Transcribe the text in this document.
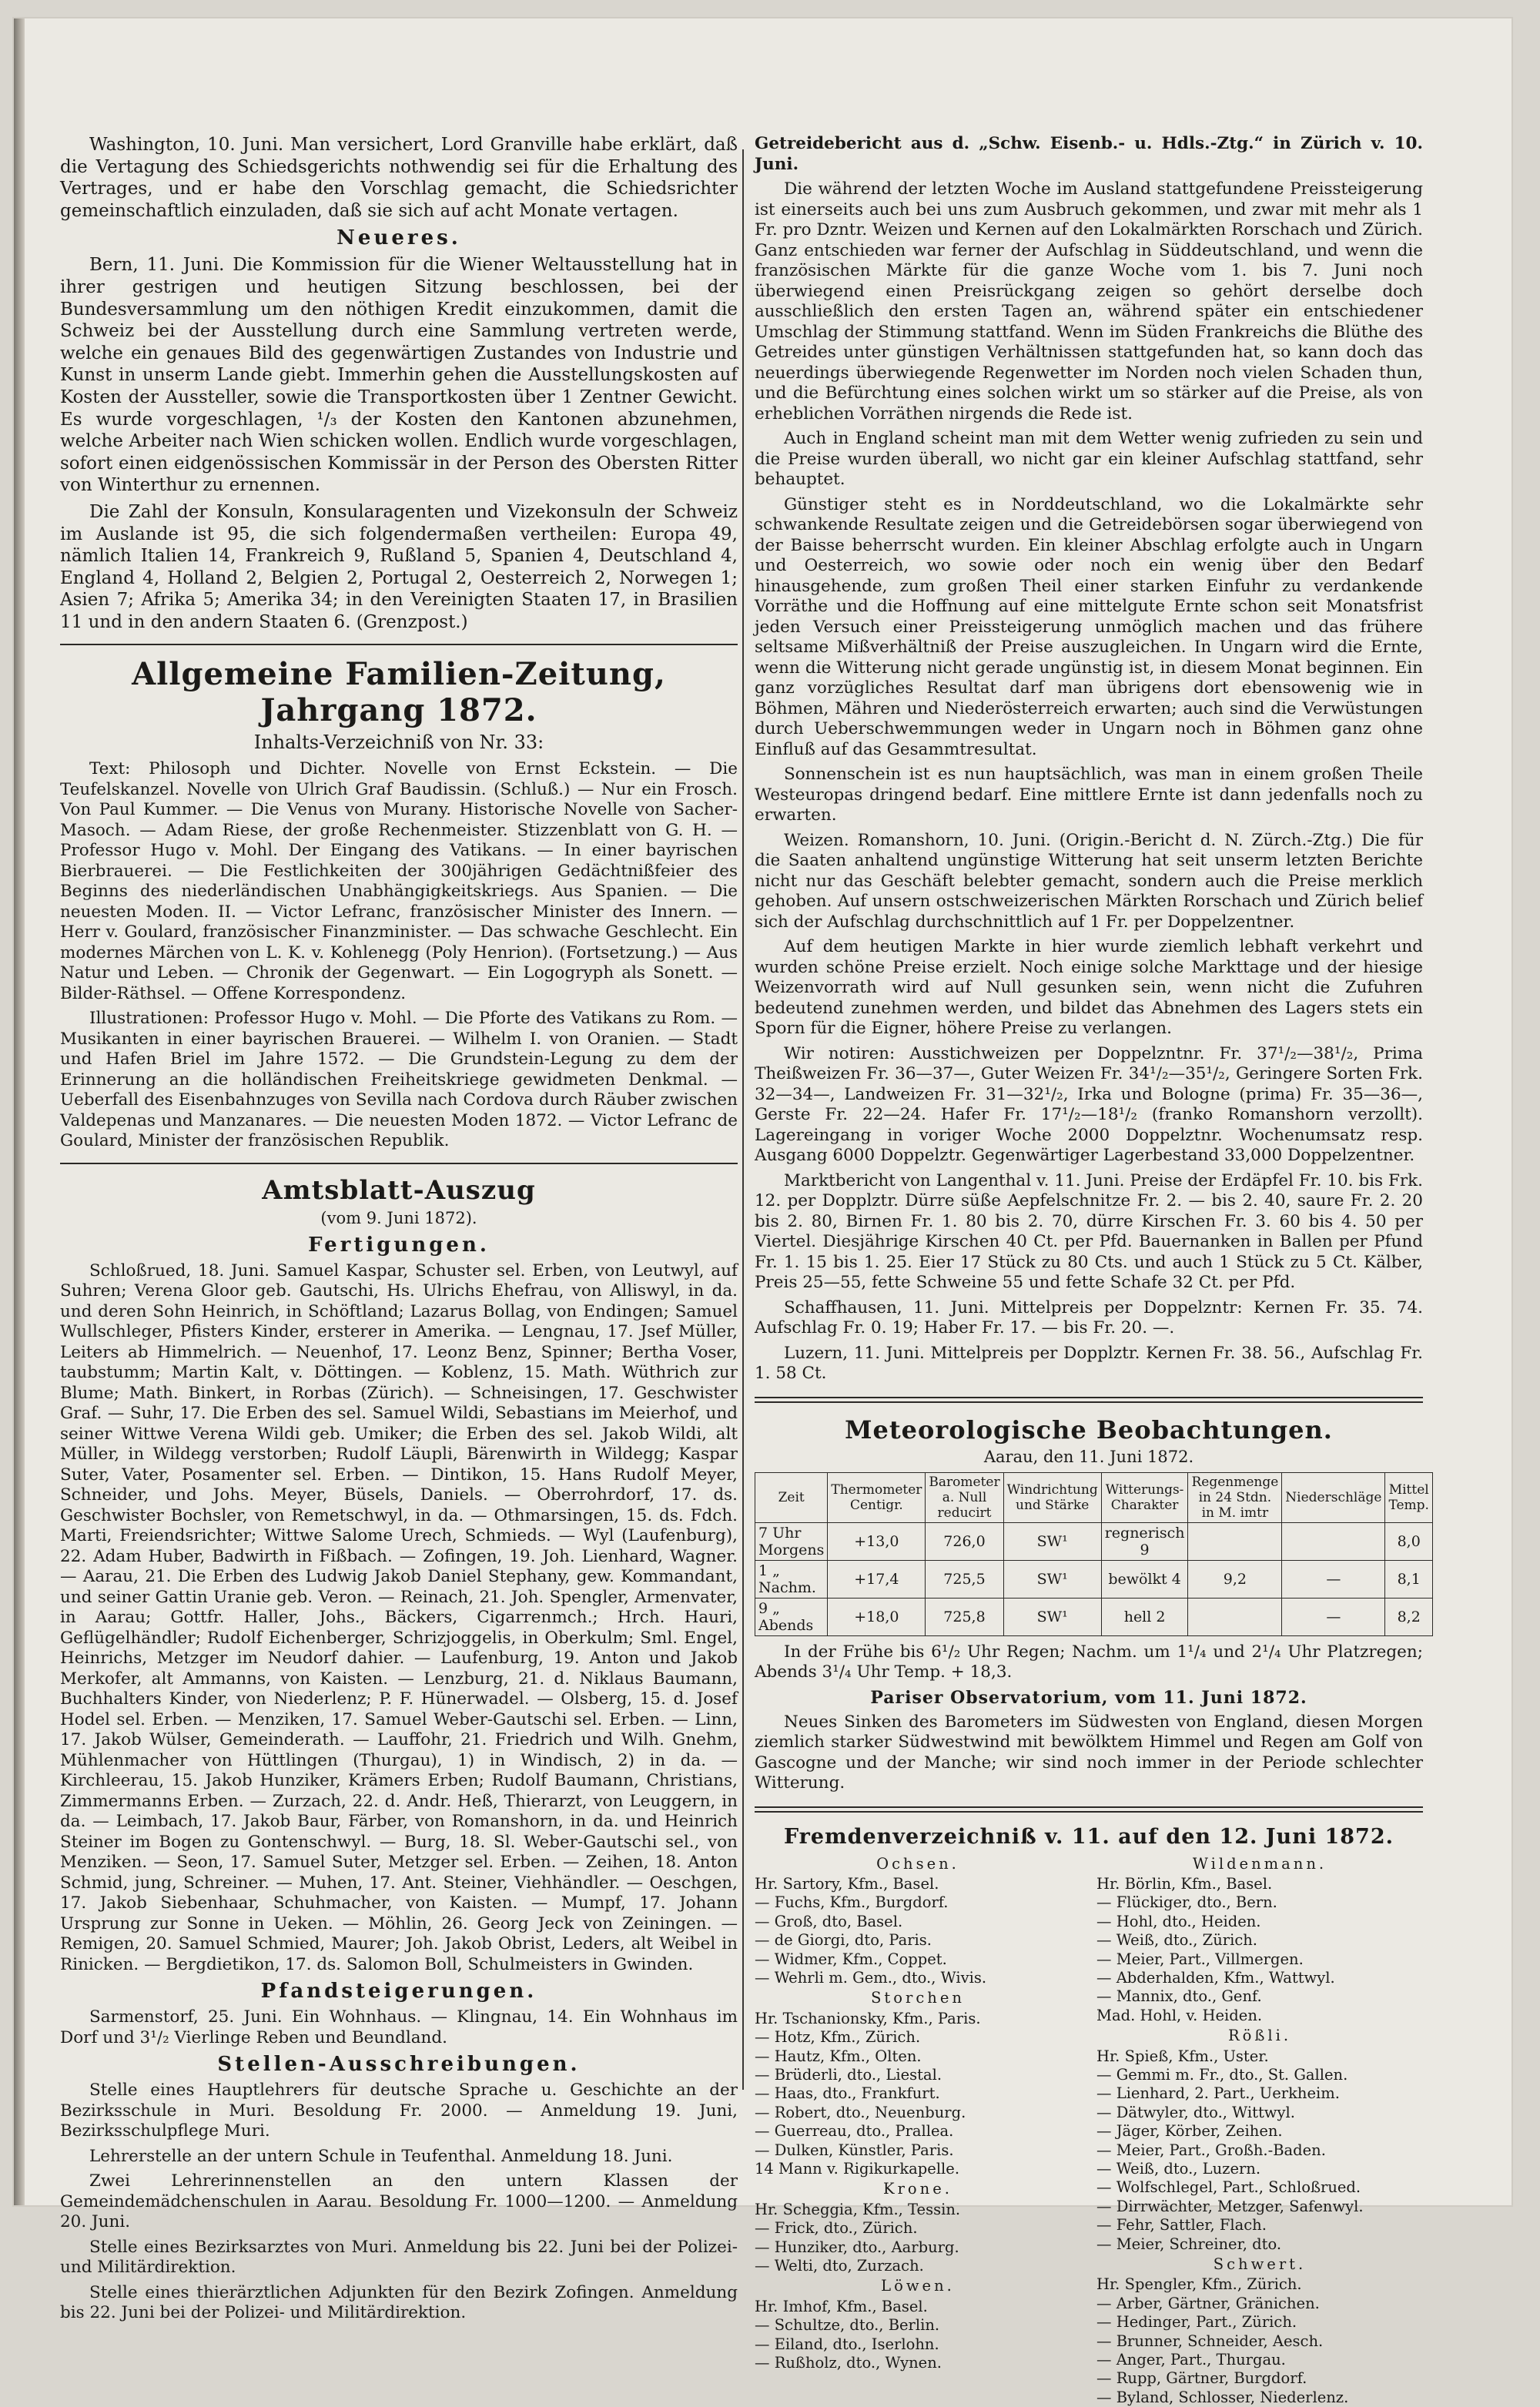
Washington, 10. Juni. Man versichert, Lord Granville habe erklärt, daß die Vertagung des Schiedsgerichts nothwendig sei für die Erhaltung des Vertrages, und er habe den Vorschlag gemacht, die Schiedsrichter gemeinschaftlich einzuladen, daß sie sich auf acht Monate vertagen.

Neueres.

Bern, 11. Juni. Die Kommission für die Wiener Weltausstellung hat in ihrer gestrigen und heutigen Sitzung beschlossen, bei der Bundesversammlung um den nöthigen Kredit einzukommen, damit die Schweiz bei der Ausstellung durch eine Sammlung vertreten werde, welche ein genaues Bild des gegenwärtigen Zustandes von Industrie und Kunst in unserm Lande giebt. Immerhin gehen die Ausstellungskosten auf Kosten der Aussteller, sowie die Transportkosten über 1 Zentner Gewicht. Es wurde vorgeschlagen, ¹/₃ der Kosten den Kantonen abzunehmen, welche Arbeiter nach Wien schicken wollen. Endlich wurde vorgeschlagen, sofort einen eidgenössischen Kommissär in der Person des Obersten Ritter von Winterthur zu ernennen.

Die Zahl der Konsuln, Konsularagenten und Vizekonsuln der Schweiz im Auslande ist 95, die sich folgendermaßen vertheilen: Europa 49, nämlich Italien 14, Frankreich 9, Rußland 5, Spanien 4, Deutschland 4, England 4, Holland 2, Belgien 2, Portugal 2, Oesterreich 2, Norwegen 1; Asien 7; Afrika 5; Amerika 34; in den Vereinigten Staaten 17, in Brasilien 11 und in den andern Staaten 6. (Grenzpost.)

Allgemeine Familien-Zeitung, Jahrgang 1872.
Inhalts-Verzeichniß von Nr. 33:

Text: Philosoph und Dichter. Novelle von Ernst Eckstein. — Die Teufelskanzel. Novelle von Ulrich Graf Baudissin. (Schluß.) — Nur ein Frosch. Von Paul Kummer. — Die Venus von Murany. Historische Novelle von Sacher-Masoch. — Adam Riese, der große Rechenmeister. Stizzenblatt von G. H. — Professor Hugo v. Mohl. Der Eingang des Vatikans. — In einer bayrischen Bierbrauerei. — Die Festlichkeiten der 300jährigen Gedächtnißfeier des Beginns des niederländischen Unabhängigkeitskriegs. Aus Spanien. — Die neuesten Moden. II. — Victor Lefranc, französischer Minister des Innern. — Herr v. Goulard, französischer Finanzminister. — Das schwache Geschlecht. Ein modernes Märchen von L. K. v. Kohlenegg (Poly Henrion). (Fortsetzung.) — Aus Natur und Leben. — Chronik der Gegenwart. — Ein Logogryph als Sonett. — Bilder-Räthsel. — Offene Korrespondenz.

Illustrationen: Professor Hugo v. Mohl. — Die Pforte des Vatikans zu Rom. — Musikanten in einer bayrischen Brauerei. — Wilhelm I. von Oranien. — Stadt und Hafen Briel im Jahre 1572. — Die Grundstein-Legung zu dem der Erinnerung an die holländischen Freiheitskriege gewidmeten Denkmal. — Ueberfall des Eisenbahnzuges von Sevilla nach Cordova durch Räuber zwischen Valdepenas und Manzanares. — Die neuesten Moden 1872. — Victor Lefranc de Goulard, Minister der französischen Republik.

Amtsblatt-Auszug
(vom 9. Juni 1872).
Fertigungen.

Schloßrued, 18. Juni. Samuel Kaspar, Schuster sel. Erben, von Leutwyl, auf Suhren; Verena Gloor geb. Gautschi, Hs. Ulrichs Ehefrau, von Alliswyl, in da. und deren Sohn Heinrich, in Schöftland; Lazarus Bollag, von Endingen; Samuel Wullschleger, Pfisters Kinder, ersterer in Amerika. — Lengnau, 17. Jsef Müller, Leiters ab Himmelrich. — Neuenhof, 17. Leonz Benz, Spinner; Bertha Voser, taubstumm; Martin Kalt, v. Döttingen. — Koblenz, 15. Math. Wüthrich zur Blume; Math. Binkert, in Rorbas (Zürich). — Schneisingen, 17. Geschwister Graf. — Suhr, 17. Die Erben des sel. Samuel Wildi, Sebastians im Meierhof, und seiner Wittwe Verena Wildi geb. Umiker; die Erben des sel. Jakob Wildi, alt Müller, in Wildegg verstorben; Rudolf Läupli, Bärenwirth in Wildegg; Kaspar Suter, Vater, Posamenter sel. Erben. — Dintikon, 15. Hans Rudolf Meyer, Schneider, und Johs. Meyer, Büsels, Daniels. — Oberrohrdorf, 17. ds. Geschwister Bochsler, von Remetschwyl, in da. — Othmarsingen, 15. ds. Fdch. Marti, Freiendsrichter; Wittwe Salome Urech, Schmieds. — Wyl (Laufenburg), 22. Adam Huber, Badwirth in Fißbach. — Zofingen, 19. Joh. Lienhard, Wagner. — Aarau, 21. Die Erben des Ludwig Jakob Daniel Stephany, gew. Kommandant, und seiner Gattin Uranie geb. Veron. — Reinach, 21. Joh. Spengler, Armenvater, in Aarau; Gottfr. Haller, Johs., Bäckers, Cigarrenmch.; Hrch. Hauri, Geflügelhändler; Rudolf Eichenberger, Schrizjoggelis, in Oberkulm; Sml. Engel, Heinrichs, Metzger im Neudorf dahier. — Laufenburg, 19. Anton und Jakob Merkofer, alt Ammanns, von Kaisten. — Lenzburg, 21. d. Niklaus Baumann, Buchhalters Kinder, von Niederlenz; P. F. Hünerwadel. — Olsberg, 15. d. Josef Hodel sel. Erben. — Menziken, 17. Samuel Weber-Gautschi sel. Erben. — Linn, 17. Jakob Wülser, Gemeinderath. — Lauffohr, 21. Friedrich und Wilh. Gnehm, Mühlenmacher von Hüttlingen (Thurgau), 1) in Windisch, 2) in da. — Kirchleerau, 15. Jakob Hunziker, Krämers Erben; Rudolf Baumann, Christians, Zimmermanns Erben. — Zurzach, 22. d. Andr. Heß, Thierarzt, von Leuggern, in da. — Leimbach, 17. Jakob Baur, Färber, von Romanshorn, in da. und Heinrich Steiner im Bogen zu Gontenschwyl. — Burg, 18. Sl. Weber-Gautschi sel., von Menziken. — Seon, 17. Samuel Suter, Metzger sel. Erben. — Zeihen, 18. Anton Schmid, jung, Schreiner. — Muhen, 17. Ant. Steiner, Viehhändler. — Oeschgen, 17. Jakob Siebenhaar, Schuhmacher, von Kaisten. — Mumpf, 17. Johann Ursprung zur Sonne in Ueken. — Möhlin, 26. Georg Jeck von Zeiningen. — Remigen, 20. Samuel Schmied, Maurer; Joh. Jakob Obrist, Leders, alt Weibel in Rinicken. — Bergdietikon, 17. ds. Salomon Boll, Schulmeisters in Gwinden.

Pfandsteigerungen.

Sarmenstorf, 25. Juni. Ein Wohnhaus. — Klingnau, 14. Ein Wohnhaus im Dorf und 3¹/₂ Vierlinge Reben und Beundland.

Stellen-Ausschreibungen.

Stelle eines Hauptlehrers für deutsche Sprache u. Geschichte an der Bezirksschule in Muri. Besoldung Fr. 2000. — Anmeldung 19. Juni, Bezirksschulpflege Muri.

Lehrerstelle an der untern Schule in Teufenthal. Anmeldung 18. Juni.

Zwei Lehrerinnenstellen an den untern Klassen der Gemeindemädchenschulen in Aarau. Besoldung Fr. 1000—1200. — Anmeldung 20. Juni.

Stelle eines Bezirksarztes von Muri. Anmeldung bis 22. Juni bei der Polizei- und Militärdirektion.

Stelle eines thierärztlichen Adjunkten für den Bezirk Zofingen. Anmeldung bis 22. Juni bei der Polizei- und Militärdirektion.

Getreidebericht aus d. „Schw. Eisenb.- u. Hdls.-Ztg.“ in Zürich v. 10. Juni.

Die während der letzten Woche im Ausland stattgefundene Preissteigerung ist einerseits auch bei uns zum Ausbruch gekommen, und zwar mit mehr als 1 Fr. pro Dzntr. Weizen und Kernen auf den Lokalmärkten Rorschach und Zürich. Ganz entschieden war ferner der Aufschlag in Süddeutschland, und wenn die französischen Märkte für die ganze Woche vom 1. bis 7. Juni noch überwiegend einen Preisrückgang zeigen so gehört derselbe doch ausschließlich den ersten Tagen an, während später ein entschiedener Umschlag der Stimmung stattfand. Wenn im Süden Frankreichs die Blüthe des Getreides unter günstigen Verhältnissen stattgefunden hat, so kann doch das neuerdings überwiegende Regenwetter im Norden noch vielen Schaden thun, und die Befürchtung eines solchen wirkt um so stärker auf die Preise, als von erheblichen Vorräthen nirgends die Rede ist.

Auch in England scheint man mit dem Wetter wenig zufrieden zu sein und die Preise wurden überall, wo nicht gar ein kleiner Aufschlag stattfand, sehr behauptet.

Günstiger steht es in Norddeutschland, wo die Lokalmärkte sehr schwankende Resultate zeigen und die Getreidebörsen sogar überwiegend von der Baisse beherrscht wurden. Ein kleiner Abschlag erfolgte auch in Ungarn und Oesterreich, wo sowie oder noch ein wenig über den Bedarf hinausgehende, zum großen Theil einer starken Einfuhr zu verdankende Vorräthe und die Hoffnung auf eine mittelgute Ernte schon seit Monatsfrist jeden Versuch einer Preissteigerung unmöglich machen und das frühere seltsame Mißverhältniß der Preise auszugleichen. In Ungarn wird die Ernte, wenn die Witterung nicht gerade ungünstig ist, in diesem Monat beginnen. Ein ganz vorzügliches Resultat darf man übrigens dort ebensowenig wie in Böhmen, Mähren und Niederösterreich erwarten; auch sind die Verwüstungen durch Ueberschwemmungen weder in Ungarn noch in Böhmen ganz ohne Einfluß auf das Gesammtresultat.

Sonnenschein ist es nun hauptsächlich, was man in einem großen Theile Westeuropas dringend bedarf. Eine mittlere Ernte ist dann jedenfalls noch zu erwarten.

Weizen. Romanshorn, 10. Juni. (Origin.-Bericht d. N. Zürch.-Ztg.) Die für die Saaten anhaltend ungünstige Witterung hat seit unserm letzten Berichte nicht nur das Geschäft belebter gemacht, sondern auch die Preise merklich gehoben. Auf unsern ostschweizerischen Märkten Rorschach und Zürich belief sich der Aufschlag durchschnittlich auf 1 Fr. per Doppelzentner.

Auf dem heutigen Markte in hier wurde ziemlich lebhaft verkehrt und wurden schöne Preise erzielt. Noch einige solche Markttage und der hiesige Weizenvorrath wird auf Null gesunken sein, wenn nicht die Zufuhren bedeutend zunehmen werden, und bildet das Abnehmen des Lagers stets ein Sporn für die Eigner, höhere Preise zu verlangen.

Wir notiren: Ausstichweizen per Doppelzntnr. Fr. 37¹/₂—38¹/₂, Prima Theißweizen Fr. 36—37—, Guter Weizen Fr. 34¹/₂—35¹/₂, Geringere Sorten Frk. 32—34—, Landweizen Fr. 31—32¹/₂, Irka und Bologne (prima) Fr. 35—36—, Gerste Fr. 22—24. Hafer Fr. 17¹/₂—18¹/₂ (franko Romanshorn verzollt). Lagereingang in voriger Woche 2000 Doppelztnr. Wochenumsatz resp. Ausgang 6000 Doppelztr. Gegenwärtiger Lagerbestand 33,000 Doppelzentner.

Marktbericht von Langenthal v. 11. Juni. Preise der Erdäpfel Fr. 10. bis Frk. 12. per Dopplztr. Dürre süße Aepfelschnitze Fr. 2. — bis 2. 40, saure Fr. 2. 20 bis 2. 80, Birnen Fr. 1. 80 bis 2. 70, dürre Kirschen Fr. 3. 60 bis 4. 50 per Viertel. Diesjährige Kirschen 40 Ct. per Pfd. Bauernanken in Ballen per Pfund Fr. 1. 15 bis 1. 25. Eier 17 Stück zu 80 Cts. und auch 1 Stück zu 5 Ct. Kälber, Preis 25—55, fette Schweine 55 und fette Schafe 32 Ct. per Pfd.

Schaffhausen, 11. Juni. Mittelpreis per Doppelzntr: Kernen Fr. 35. 74. Aufschlag Fr. 0. 19; Haber Fr. 17. — bis Fr. 20. —.

Luzern, 11. Juni. Mittelpreis per Dopplztr. Kernen Fr. 38. 56., Aufschlag Fr. 1. 58 Ct.

Meteorologische Beobachtungen.
Aarau, den 11. Juni 1872.
Zeit	Thermometer Centigr.	Barometer a. Null reducirt	Windrichtung und Stärke	Witterungs-Charakter	Regenmenge in 24 Stdn. in M. imtr	Niederschläge	Mittel Temp.
7 Uhr Morgens	+13,0	726,0	SW¹	regnerisch 9			8,0
1 „ Nachm.	+17,4	725,5	SW¹	bewölkt 4	9,2	—	8,1
9 „ Abends	+18,0	725,8	SW¹	hell 2		—	8,2

In der Frühe bis 6¹/₂ Uhr Regen; Nachm. um 1¹/₄ und 2¹/₄ Uhr Platzregen; Abends 3¹/₄ Uhr Temp. + 18,3.

Pariser Observatorium, vom 11. Juni 1872.

Neues Sinken des Barometers im Südwesten von England, diesen Morgen ziemlich starker Südwestwind mit bewölktem Himmel und Regen am Golf von Gascogne und der Manche; wir sind noch immer in der Periode schlechter Witterung.

Fremdenverzeichniß v. 11. auf den 12. Juni 1872.
Ochsen.
Hr. Sartory, Kfm., Basel.
— Fuchs, Kfm., Burgdorf.
— Groß, dto, Basel.
— de Giorgi, dto, Paris.
— Widmer, Kfm., Coppet.
— Wehrli m. Gem., dto., Wivis.
Storchen
Hr. Tschanionsky, Kfm., Paris.
— Hotz, Kfm., Zürich.
— Hautz, Kfm., Olten.
— Brüderli, dto., Liestal.
— Haas, dto., Frankfurt.
— Robert, dto., Neuenburg.
— Guerreau, dto., Prallea.
— Dulken, Künstler, Paris.
14 Mann v. Rigikurkapelle.
Krone.
Hr. Scheggia, Kfm., Tessin.
— Frick, dto., Zürich.
— Hunziker, dto., Aarburg.
— Welti, dto, Zurzach.
Löwen.
Hr. Imhof, Kfm., Basel.
— Schultze, dto., Berlin.
— Eiland, dto., Iserlohn.
— Rußholz, dto., Wynen.
Wildenmann.
Hr. Börlin, Kfm., Basel.
— Flückiger, dto., Bern.
— Hohl, dto., Heiden.
— Weiß, dto., Zürich.
— Meier, Part., Villmergen.
— Abderhalden, Kfm., Wattwyl.
— Mannix, dto., Genf.
Mad. Hohl, v. Heiden.
Rößli.
Hr. Spieß, Kfm., Uster.
— Gemmi m. Fr., dto., St. Gallen.
— Lienhard, 2. Part., Uerkheim.
— Dätwyler, dto., Wittwyl.
— Jäger, Körber, Zeihen.
— Meier, Part., Großh.-Baden.
— Weiß, dto., Luzern.
— Wolfschlegel, Part., Schloßrued.
— Dirrwächter, Metzger, Safenwyl.
— Fehr, Sattler, Flach.
— Meier, Schreiner, dto.
Schwert.
Hr. Spengler, Kfm., Zürich.
— Arber, Gärtner, Gränichen.
— Hedinger, Part., Zürich.
— Brunner, Schneider, Aesch.
— Anger, Part., Thurgau.
— Rupp, Gärtner, Burgdorf.
— Byland, Schlosser, Niederlenz.
